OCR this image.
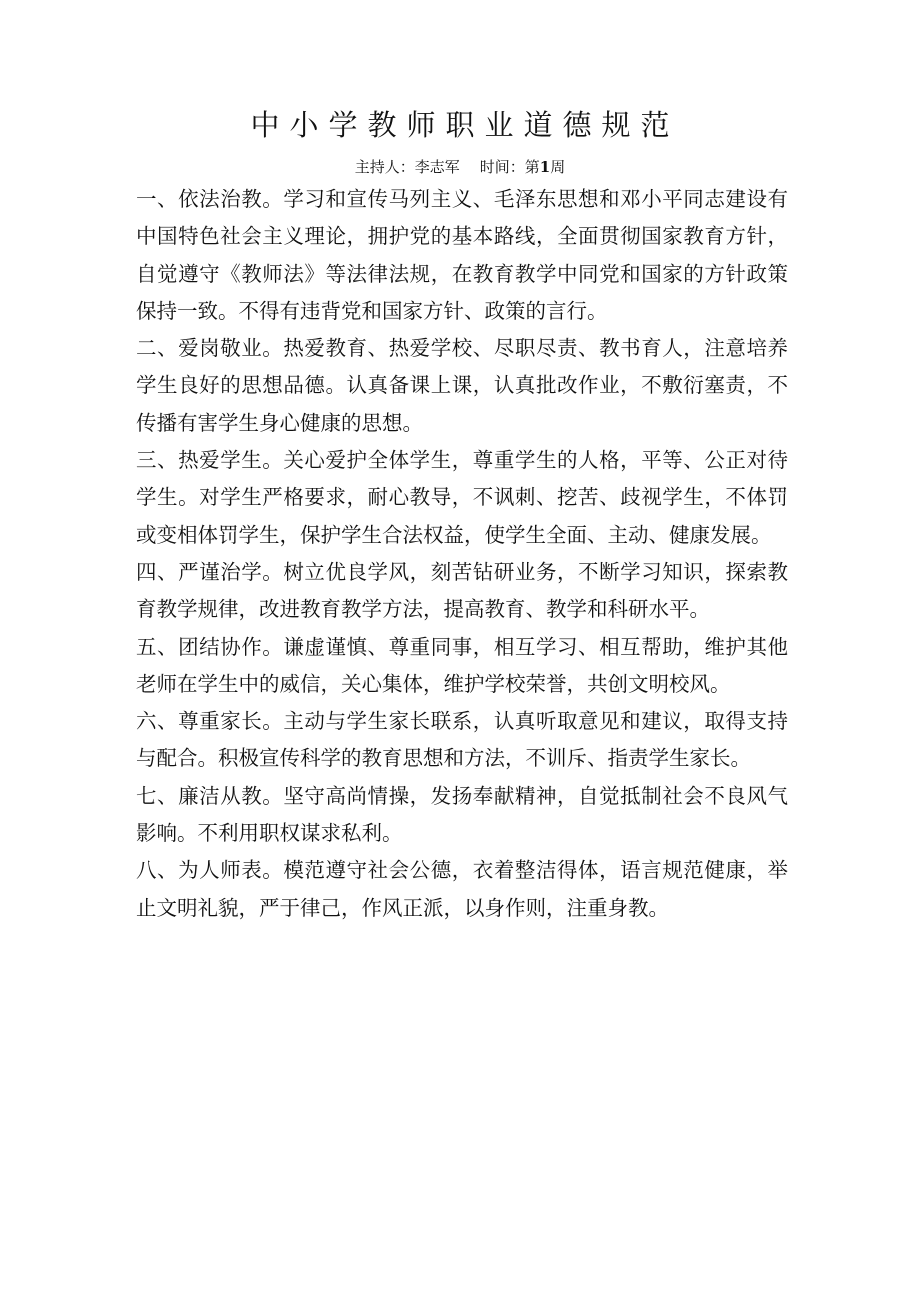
中小学教师职业道德规范
主持人：李志军 时间：第1周

一、依法治教。学习和宣传马列主义、毛泽东思想和邓小平同志建设有中国特色社会主义理论，拥护党的基本路线，全面贯彻国家教育方针，自觉遵守《教师法》等法律法规，在教育教学中同党和国家的方针政策保持一致。不得有违背党和国家方针、政策的言行。

二、爱岗敬业。热爱教育、热爱学校、尽职尽责、教书育人，注意培养学生良好的思想品德。认真备课上课，认真批改作业，不敷衍塞责，不传播有害学生身心健康的思想。

三、热爱学生。关心爱护全体学生，尊重学生的人格，平等、公正对待学生。对学生严格要求，耐心教导，不讽刺、挖苦、歧视学生，不体罚或变相体罚学生，保护学生合法权益，使学生全面、主动、健康发展。

四、严谨治学。树立优良学风，刻苦钻研业务，不断学习知识，探索教育教学规律，改进教育教学方法，提高教育、教学和科研水平。

五、团结协作。谦虚谨慎、尊重同事，相互学习、相互帮助，维护其他老师在学生中的威信，关心集体，维护学校荣誉，共创文明校风。

六、尊重家长。主动与学生家长联系，认真听取意见和建议，取得支持与配合。积极宣传科学的教育思想和方法，不训斥、指责学生家长。

七、廉洁从教。坚守高尚情操，发扬奉献精神，自觉抵制社会不良风气影响。不利用职权谋求私利。

八、为人师表。模范遵守社会公德，衣着整洁得体，语言规范健康，举止文明礼貌，严于律己，作风正派，以身作则，注重身教。
